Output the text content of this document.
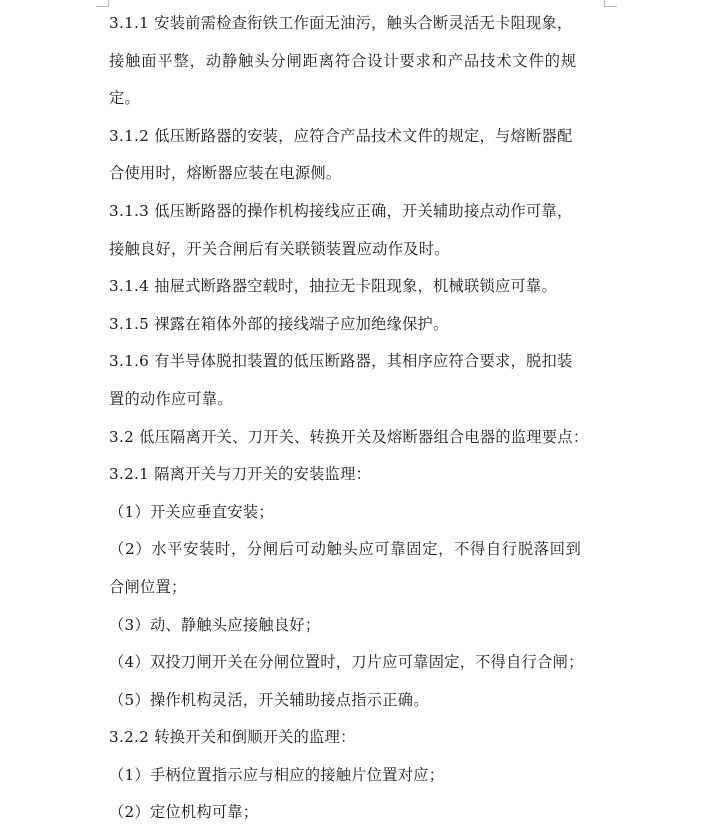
3.1.1 安装前需检查衔铁工作面无油污，触头合断灵活无卡阻现象，
接触面平整，动静触头分闸距离符合设计要求和产品技术文件的规
定。
3.1.2 低压断路器的安装，应符合产品技术文件的规定，与熔断器配
合使用时，熔断器应装在电源侧。
3.1.3 低压断路器的操作机构接线应正确，开关辅助接点动作可靠，
接触良好，开关合闸后有关联锁装置应动作及时。
3.1.4 抽屉式断路器空载时，抽拉无卡阻现象，机械联锁应可靠。
3.1.5 裸露在箱体外部的接线端子应加绝缘保护。
3.1.6 有半导体脱扣装置的低压断路器，其相序应符合要求，脱扣装
置的动作应可靠。
3.2 低压隔离开关、刀开关、转换开关及熔断器组合电器的监理要点：
3.2.1 隔离开关与刀开关的安装监理：
（1）开关应垂直安装；
（2）水平安装时，分闸后可动触头应可靠固定，不得自行脱落回到
合闸位置；
（3）动、静触头应接触良好；
（4）双投刀闸开关在分闸位置时，刀片应可靠固定，不得自行合闸；
（5）操作机构灵活，开关辅助接点指示正确。
3.2.2 转换开关和倒顺开关的监理：
（1）手柄位置指示应与相应的接触片位置对应；
（2）定位机构可靠；
